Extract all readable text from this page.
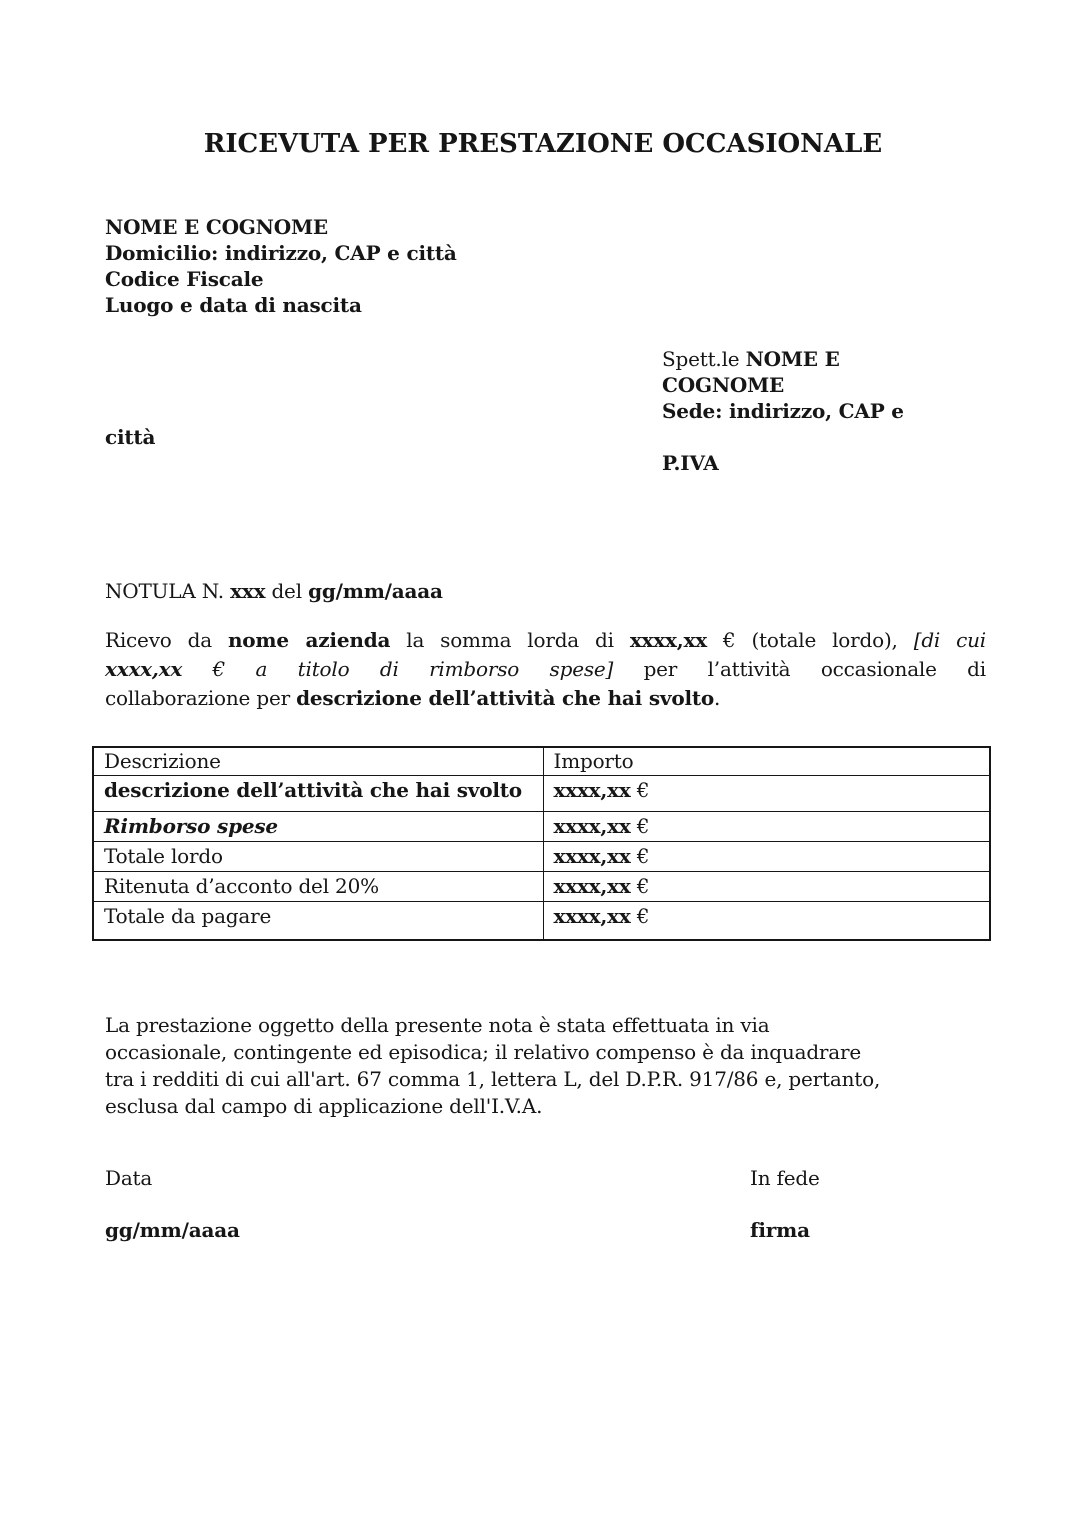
RICEVUTA PER PRESTAZIONE OCCASIONALE
NOME E COGNOME
Domicilio: indirizzo, CAP e città
Codice Fiscale
Luogo e data di nascita
Spett.le NOME E
COGNOME
Sede: indirizzo, CAP e
città
P.IVA
NOTULA N. xxx del gg/mm/aaaa
Ricevo da nome azienda la somma lorda di xxxx,xx € (totale lordo), [di cui
xxxx,xx € a titolo di rimborso spese] per l’attività occasionale di
collaborazione per descrizione dell’attività che hai svolto.
Descrizione	Importo
descrizione dell’attività che hai svolto	xxxx,xx €
Rimborso spese	xxxx,xx €
Totale lordo	xxxx,xx €
Ritenuta d’acconto del 20%	xxxx,xx €
Totale da pagare	xxxx,xx €
La prestazione oggetto della presente nota è stata effettuata in via
occasionale, contingente ed episodica; il relativo compenso è da inquadrare
tra i redditi di cui all'art. 67 comma 1, lettera L, del D.P.R. 917/86 e, pertanto,
esclusa dal campo di applicazione dell'I.V.A.
Data	In fede
gg/mm/aaaa	firma
